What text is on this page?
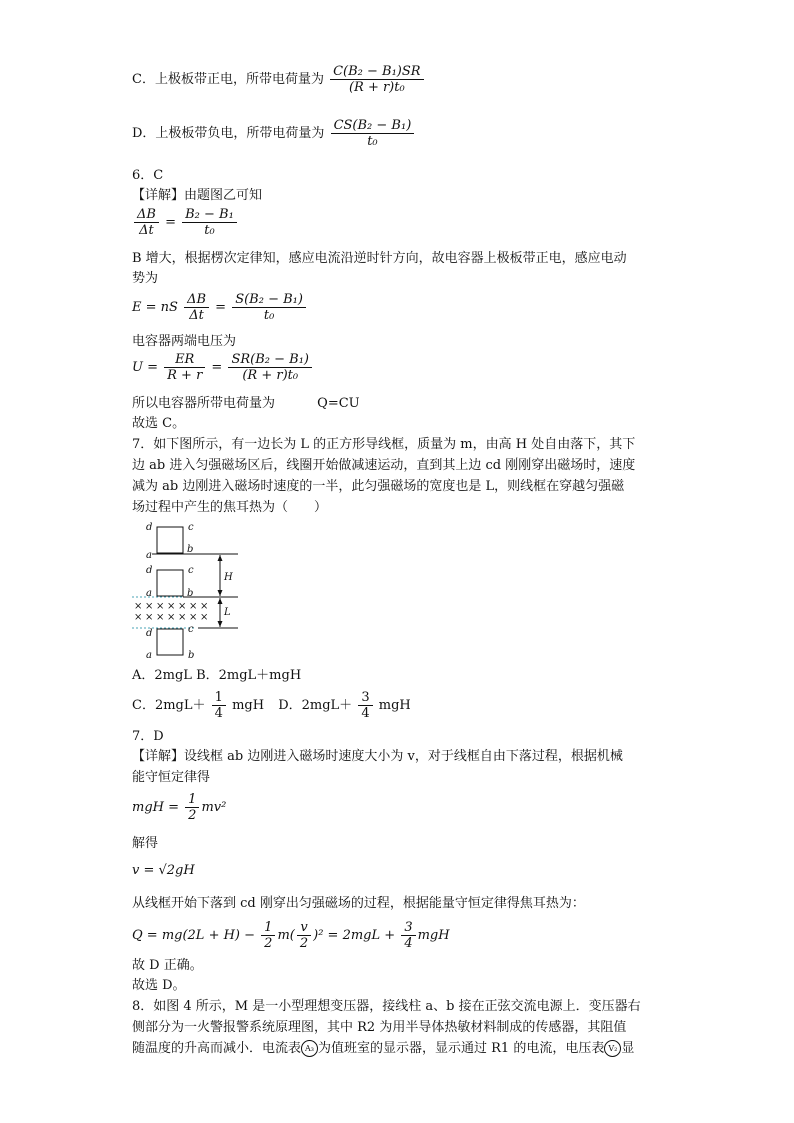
C．上极板带正电，所带电荷量为 $\frac{\text{C(B₂ − B₁)SR}}{\text{(R + r)t₀}}$
D．上极板带负电，所带电荷量为 $\frac{\text{CS(B₂ − B₁)}}{\text{t₀}}$
6．C
【详解】由题图乙可知
$\frac{\Delta B}{\Delta t} = \frac{\text{B₂ − B₁}}{\text{t₀}}$
B 增大，根据楞次定律知，感应电流沿逆时针方向，故电容器上极板带正电，感应电动
势为
E = nS $\frac{\Delta B}{\Delta t} = \frac{\text{S(B₂ − B₁)}}{\text{t₀}}$
电容器两端电压为
$U = \frac{ER}{R + r} = \frac{\text{SR(B₂ − B₁)}}{\text{(R + r)t₀}}$
所以电容器所带电荷量为	Q=CU
故选 C。
7．如下图所示，有一边长为 L 的正方形导线框，质量为 m，由高 H 处自由落下，其下
边 ab 进入匀强磁场区后，线圈开始做减速运动，直到其上边 cd 刚刚穿出磁场时，速度
减为 ab 边刚进入磁场时速度的一半，此匀强磁场的宽度也是 L，则线框在穿越匀强磁
场过程中产生的焦耳热为（　　）
d	c
a
b
d	c
a	b
d	c
a	b
H
L
× × × × × × ×
× × × × × × ×
A．2mgL B．2mgL＋mgH
C．$2mgL+ \frac{1}{4}$ mgH D．$2mgL+ \frac{3}{4}$ mgH
7．D
【详解】设线框 ab 边刚进入磁场时速度大小为 v，对于线框自由下落过程，根据机械
能守恒定律得
mgH = $\frac{1}{2} mv^2$
解得
v = √2gH
从线框开始下落到 cd 刚穿出匀强磁场的过程，根据能量守恒定律得焦耳热为：
$Q = mg(2L + H) - \frac{1}{2} m( \frac{v}{2} )^2 = 2mgL + \frac{3}{4}$ mgH
故 D 正确。
故选 D。
8．如图 4 所示，M 是一小型理想变压器，接线柱 a、b 接在正弦交流电源上．变压器右
侧部分为一火警报警系统原理图，其中 R2 为用半导体热敏材料制成的传感器，其阻值
随温度的升高而减小．电流表 A₃ 为值班室的显示器，显示通过 R1 的电流，电压表 V₂ 显
